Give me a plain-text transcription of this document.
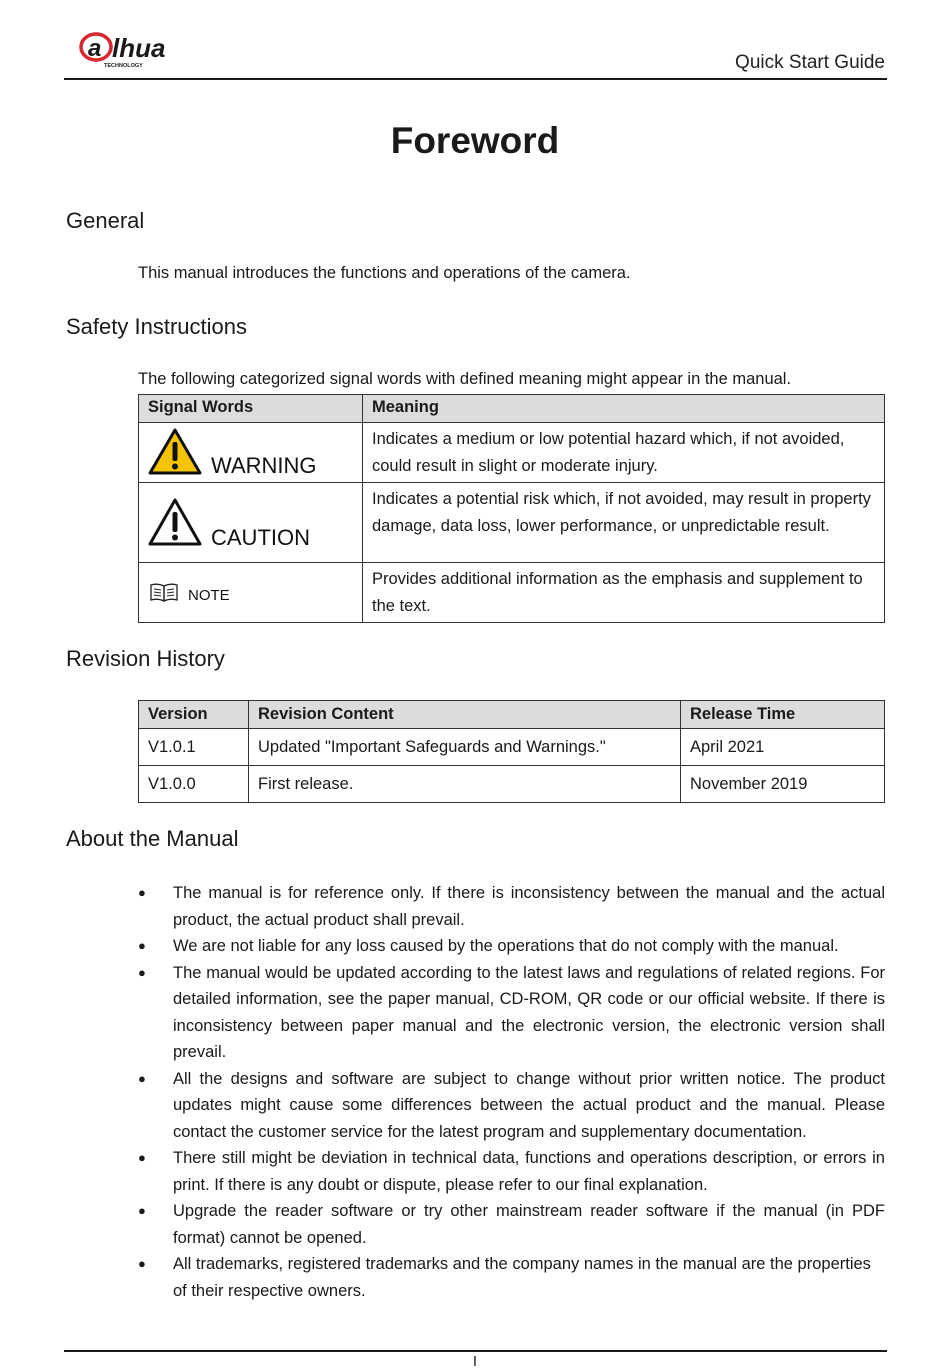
a lhua
TECHNOLOGY	Quick Start Guide
Foreword
General

This manual introduces the functions and operations of the camera.

Safety Instructions

The following categorized signal words with defined meaning might appear in the manual.

Signal Words	Meaning

WARNING	Indicates a medium or low potential hazard which, if not avoided, could result in slight or moderate injury.

CAUTION	Indicates a potential risk which, if not avoided, may result in property damage, data loss, lower performance, or unpredictable result.

NOTE	Provides additional information as the emphasis and supplement to the text.
Revision History
Version	Revision Content	Release Time
V1.0.1	Updated "Important Safeguards and Warnings."	April 2021
V1.0.0	First release.	November 2019
About the Manual
● The manual is for reference only. If there is inconsistency between the manual and the actual product, the actual product shall prevail.
● We are not liable for any loss caused by the operations that do not comply with the manual.
● The manual would be updated according to the latest laws and regulations of related regions. For detailed information, see the paper manual, CD-ROM, QR code or our official website. If there is inconsistency between paper manual and the electronic version, the electronic version shall prevail.
● All the designs and software are subject to change without prior written notice. The product updates might cause some differences between the actual product and the manual. Please contact the customer service for the latest program and supplementary documentation.
● There still might be deviation in technical data, functions and operations description, or errors in print. If there is any doubt or dispute, please refer to our final explanation.
● Upgrade the reader software or try other mainstream reader software if the manual (in PDF format) cannot be opened.
● All trademarks, registered trademarks and the company names in the manual are the properties of their respective owners.
I
